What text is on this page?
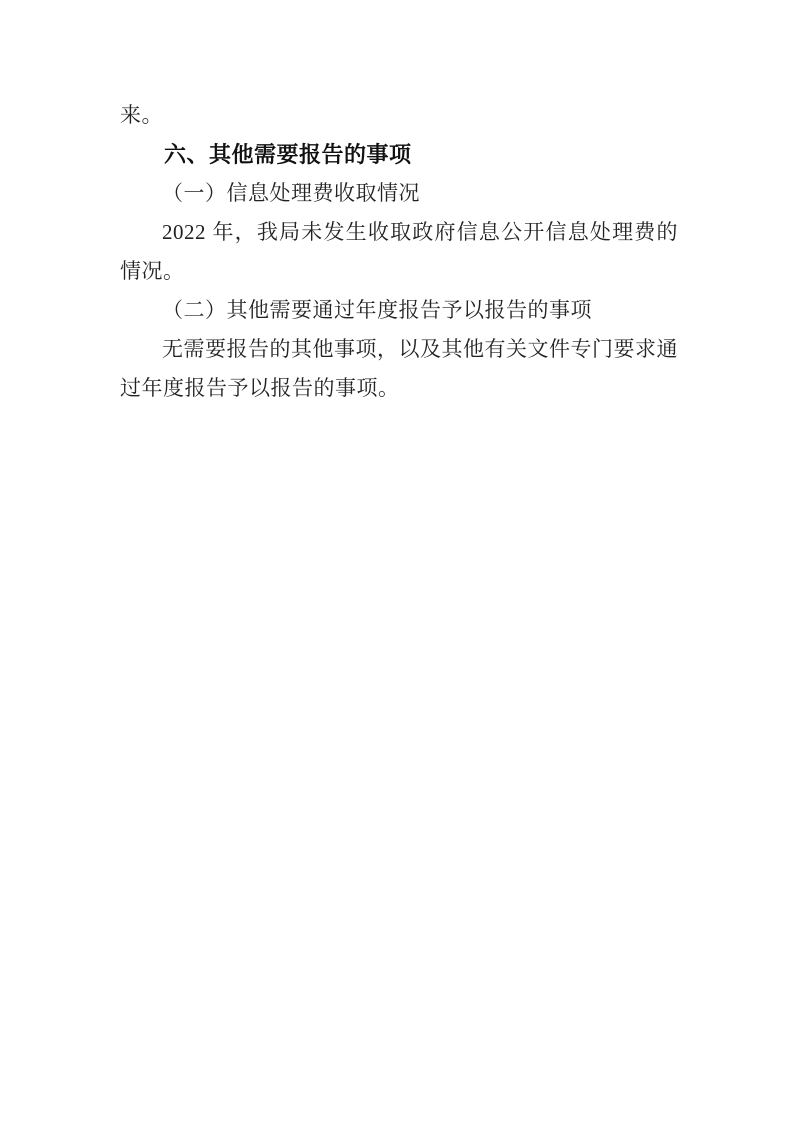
来。

六、其他需要报告的事项

（一）信息处理费收取情况

2022 年，我局未发生收取政府信息公开信息处理费的情况。

（二）其他需要通过年度报告予以报告的事项

无需要报告的其他事项，以及其他有关文件专门要求通过年度报告予以报告的事项。
